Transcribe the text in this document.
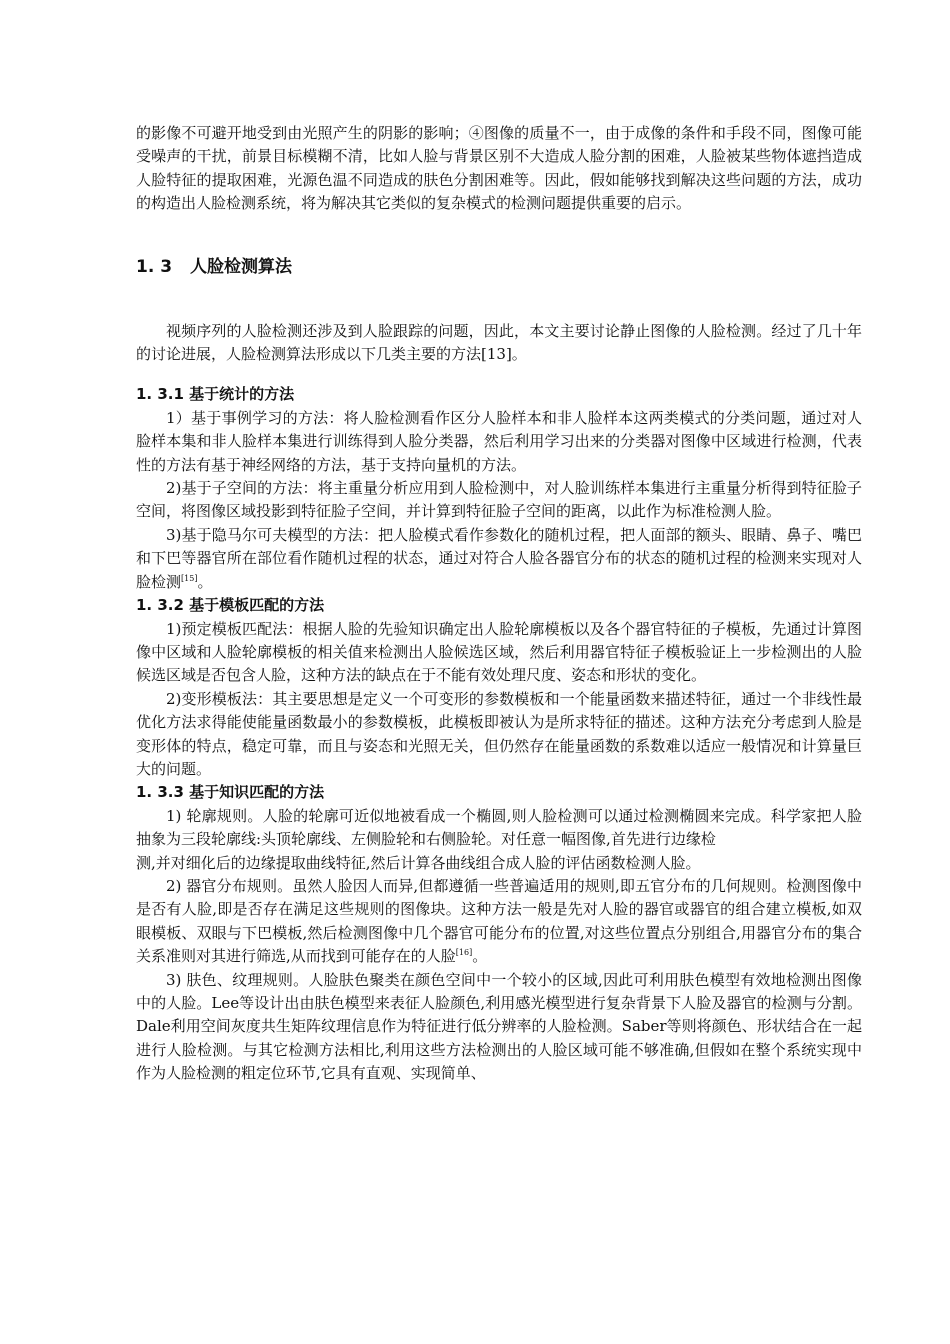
的影像不可避开地受到由光照产生的阴影的影响；④图像的质量不一，由于成像的条件和手段不同，图像可能受噪声的干扰，前景目标模糊不清，比如人脸与背景区别不大造成人脸分割的困难，人脸被某些物体遮挡造成人脸特征的提取困难，光源色温不同造成的肤色分割困难等。因此，假如能够找到解决这些问题的方法，成功的构造出人脸检测系统，将为解决其它类似的复杂模式的检测问题提供重要的启示。

1. 3 人脸检测算法

视频序列的人脸检测还涉及到人脸跟踪的问题，因此，本文主要讨论静止图像的人脸检测。经过了几十年的讨论进展，人脸检测算法形成以下几类主要的方法[13]。

1. 3.1 基于统计的方法

1）基于事例学习的方法：将人脸检测看作区分人脸样本和非人脸样本这两类模式的分类问题，通过对人脸样本集和非人脸样本集进行训练得到人脸分类器，然后利用学习出来的分类器对图像中区域进行检测，代表性的方法有基于神经网络的方法，基于支持向量机的方法。

2)基于子空间的方法：将主重量分析应用到人脸检测中，对人脸训练样本集进行主重量分析得到特征脸子空间，将图像区域投影到特征脸子空间，并计算到特征脸子空间的距离，以此作为标准检测人脸。

3)基于隐马尔可夫模型的方法：把人脸模式看作参数化的随机过程，把人面部的额头、眼睛、鼻子、嘴巴和下巴等器官所在部位看作随机过程的状态，通过对符合人脸各器官分布的状态的随机过程的检测来实现对人脸检测[15]。

1. 3.2 基于模板匹配的方法

1)预定模板匹配法：根据人脸的先验知识确定出人脸轮廓模板以及各个器官特征的子模板，先通过计算图像中区域和人脸轮廓模板的相关值来检测出人脸候选区域，然后利用器官特征子模板验证上一步检测出的人脸候选区域是否包含人脸，这种方法的缺点在于不能有效处理尺度、姿态和形状的变化。

2)变形模板法：其主要思想是定义一个可变形的参数模板和一个能量函数来描述特征，通过一个非线性最优化方法求得能使能量函数最小的参数模板，此模板即被认为是所求特征的描述。这种方法充分考虑到人脸是变形体的特点，稳定可靠，而且与姿态和光照无关，但仍然存在能量函数的系数难以适应一般情况和计算量巨大的问题。

1. 3.3 基于知识匹配的方法

1) 轮廓规则。人脸的轮廓可近似地被看成一个椭圆,则人脸检测可以通过检测椭圆来完成。科学家把人脸抽象为三段轮廓线:头顶轮廓线、左侧脸轮和右侧脸轮。对任意一幅图像,首先进行边缘检

测,并对细化后的边缘提取曲线特征,然后计算各曲线组合成人脸的评估函数检测人脸。

2) 器官分布规则。虽然人脸因人而异,但都遵循一些普遍适用的规则,即五官分布的几何规则。检测图像中是否有人脸,即是否存在满足这些规则的图像块。这种方法一般是先对人脸的器官或器官的组合建立模板,如双眼模板、双眼与下巴模板,然后检测图像中几个器官可能分布的位置,对这些位置点分别组合,用器官分布的集合关系准则对其进行筛选,从而找到可能存在的人脸[16]。

3) 肤色、纹理规则。人脸肤色聚类在颜色空间中一个较小的区域,因此可利用肤色模型有效地检测出图像中的人脸。Lee等设计出由肤色模型来表征人脸颜色,利用感光模型进行复杂背景下人脸及器官的检测与分割。Dale利用空间灰度共生矩阵纹理信息作为特征进行低分辨率的人脸检测。Saber等则将颜色、形状结合在一起进行人脸检测。与其它检测方法相比,利用这些方法检测出的人脸区域可能不够准确,但假如在整个系统实现中作为人脸检测的粗定位环节,它具有直观、实现简单、
